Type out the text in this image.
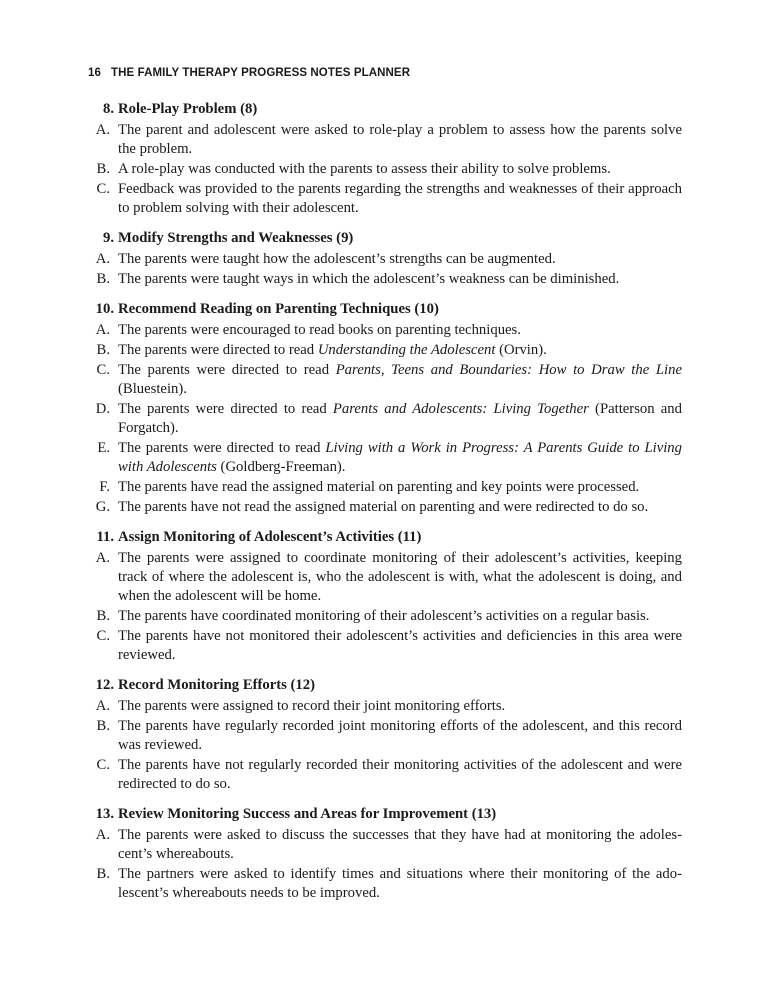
16 THE FAMILY THERAPY PROGRESS NOTES PLANNER
8. Role-Play Problem (8)
A. The parent and adolescent were asked to role-play a problem to assess how the parents solve the problem.
B. A role-play was conducted with the parents to assess their ability to solve problems.
C. Feedback was provided to the parents regarding the strengths and weaknesses of their approach to problem solving with their adolescent.
9. Modify Strengths and Weaknesses (9)
A. The parents were taught how the adolescent’s strengths can be augmented.
B. The parents were taught ways in which the adolescent’s weakness can be diminished.
10. Recommend Reading on Parenting Techniques (10)
A. The parents were encouraged to read books on parenting techniques.
B. The parents were directed to read Understanding the Adolescent (Orvin).
C. The parents were directed to read Parents, Teens and Boundaries: How to Draw the Line (Bluestein).
D. The parents were directed to read Parents and Adolescents: Living Together (Patterson and Forgatch).
E. The parents were directed to read Living with a Work in Progress: A Parents Guide to Living with Adolescents (Goldberg-Freeman).
F. The parents have read the assigned material on parenting and key points were processed.
G. The parents have not read the assigned material on parenting and were redirected to do so.
11. Assign Monitoring of Adolescent’s Activities (11)
A. The parents were assigned to coordinate monitoring of their adolescent’s activities, keeping track of where the adolescent is, who the adolescent is with, what the adolescent is doing, and when the adolescent will be home.
B. The parents have coordinated monitoring of their adolescent’s activities on a regular basis.
C. The parents have not monitored their adolescent’s activities and deficiencies in this area were reviewed.
12. Record Monitoring Efforts (12)
A. The parents were assigned to record their joint monitoring efforts.
B. The parents have regularly recorded joint monitoring efforts of the adolescent, and this record was reviewed.
C. The parents have not regularly recorded their monitoring activities of the adolescent and were redirected to do so.
13. Review Monitoring Success and Areas for Improvement (13)
A. The parents were asked to discuss the successes that they have had at monitoring the adolescent’s whereabouts.
B. The partners were asked to identify times and situations where their monitoring of the adolescent’s whereabouts needs to be improved.
